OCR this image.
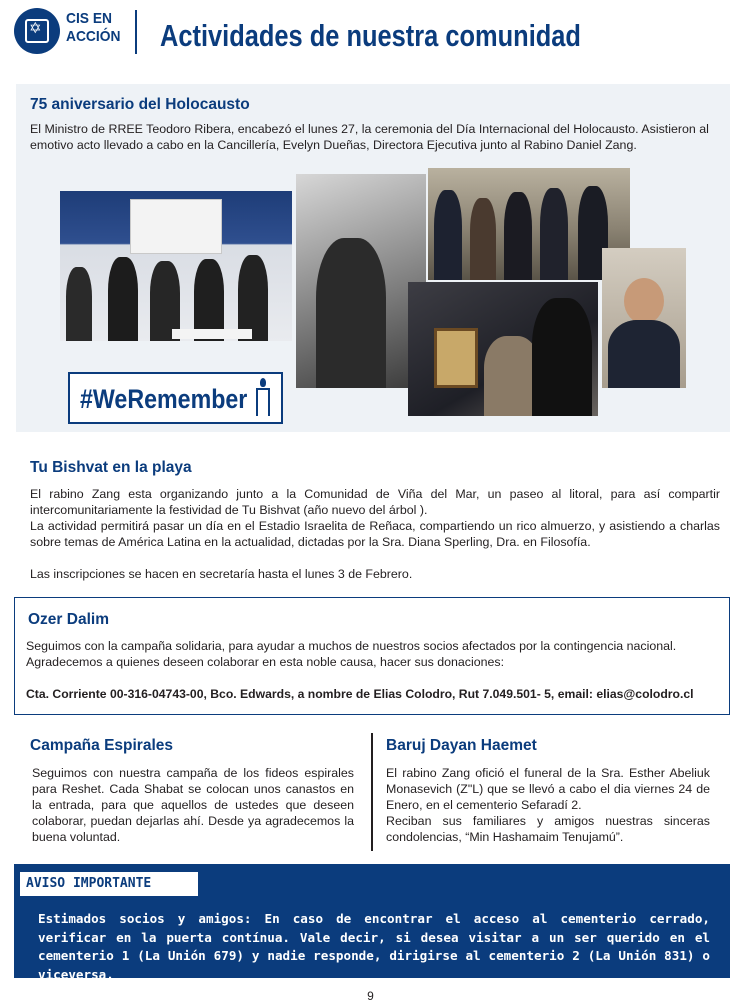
✡
CIS EN
ACCIÓN Actividades de nuestra comunidad
75 aniversario del Holocausto
El Ministro de RREE Teodoro Ribera, encabezó el lunes 27, la ceremonia del Día Internacional del Holocausto. Asistieron al emotivo acto llevado a cabo en la Cancillería, Evelyn Dueñas, Directora Ejecutiva junto al Rabino Daniel Zang.
#WeRemember
Tu Bishvat en la playa
El rabino Zang esta organizando junto a la Comunidad de Viña del Mar, un paseo al litoral, para así compartir intercomunitariamente la festividad de Tu Bishvat (año nuevo del árbol ).
La actividad permitirá pasar un día en el Estadio Israelita de Reñaca, compartiendo un rico almuerzo, y asistiendo a charlas sobre temas de América Latina en la actualidad, dictadas por la Sra. Diana Sperling, Dra. en Filosofía.
Las inscripciones se hacen en secretaría hasta el lunes 3 de Febrero.
Ozer Dalim
Seguimos con la campaña solidaria, para ayudar a muchos de nuestros socios afectados por la contingencia nacional. Agradecemos a quienes deseen colaborar en esta noble causa, hacer sus donaciones:
Cta. Corriente 00-316-04743-00, Bco. Edwards, a nombre de Elias Colodro, Rut 7.049.501- 5, email: elias@colodro.cl
Campaña Espirales
Seguimos con nuestra campaña de los fideos espirales para Reshet. Cada Shabat se colocan unos canastos en la entrada, para que aquellos de ustedes que deseen colaborar, puedan dejarlas ahí. Desde ya agradecemos la buena voluntad.
Baruj Dayan Haemet
El rabino Zang ofició el funeral de la Sra. Esther Abeliuk Monasevich (Z"L) que se llevó a cabo el dia viernes 24 de Enero, en el cementerio Sefaradí 2.
Reciban sus familiares y amigos nuestras sinceras condolencias, “Min Hashamaim Tenujamú”.
AVISO IMPORTANTE
Estimados socios y amigos: En caso de encontrar el acceso al cementerio cerrado, verificar en la puerta contínua. Vale decir, si desea visitar a un ser querido en el cementerio 1 (La Unión 679) y nadie responde, dirigirse al cementerio 2 (La Unión 831) o viceversa.
9
